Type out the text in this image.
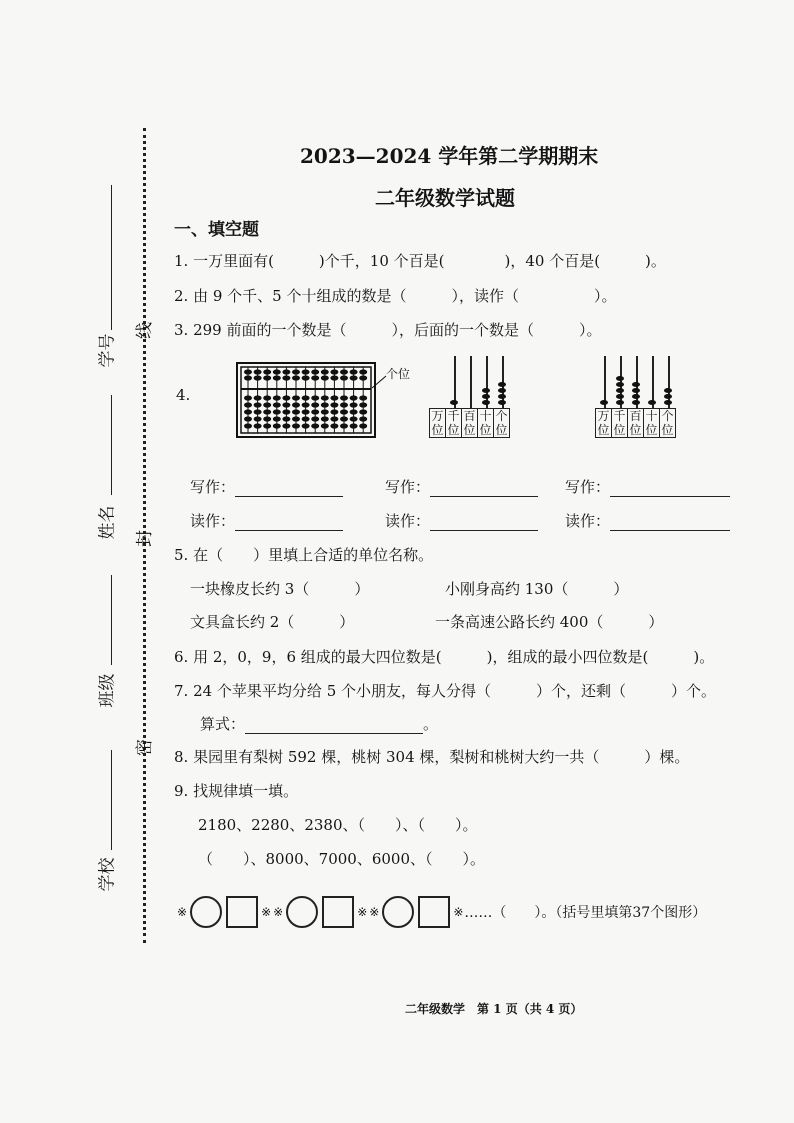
线
封
密
学号
姓名
班级
学校
2023—2024 学年第二学期期末
二年级数学试题
一、填空题
1. 一万里面有(　　　)个千，10 个百是(　　　　)，40 个百是(　　　)。
2. 由 9 个千、5 个十组成的数是（　　　），读作（　　　　　）。
3. 299 前面的一个数是（　　　），后面的一个数是（　　　）。
4.
个位
万位
千位
百位
十位
个位
万位
千位
百位
十位
个位
写作：	写作：	写作：
读作：	读作：	读作：
5. 在（　　）里填上合适的单位名称。
一块橡皮长约 3（　　　）	小刚身高约 130（　　　）
文具盒长约 2（　　　）	一条高速公路长约 400（　　　）
6. 用 2，0，9，6 组成的最大四位数是(　　　)，组成的最小四位数是(　　　)。
7. 24 个苹果平均分给 5 个小朋友，每人分得（　　　）个，还剩（　　　）个。
算式：	。
8. 果园里有梨树 592 棵，桃树 304 棵，梨树和桃树大约一共（　　　）棵。
9. 找规律填一填。
2180、2280、2380、（　　）、（　　）。
（　　）、8000、7000、6000、（　　）。
※	※ ※	※ ※	※ ……（　　）。（括号里填第37个图形）
二年级数学　第 1 页（共 4 页）
